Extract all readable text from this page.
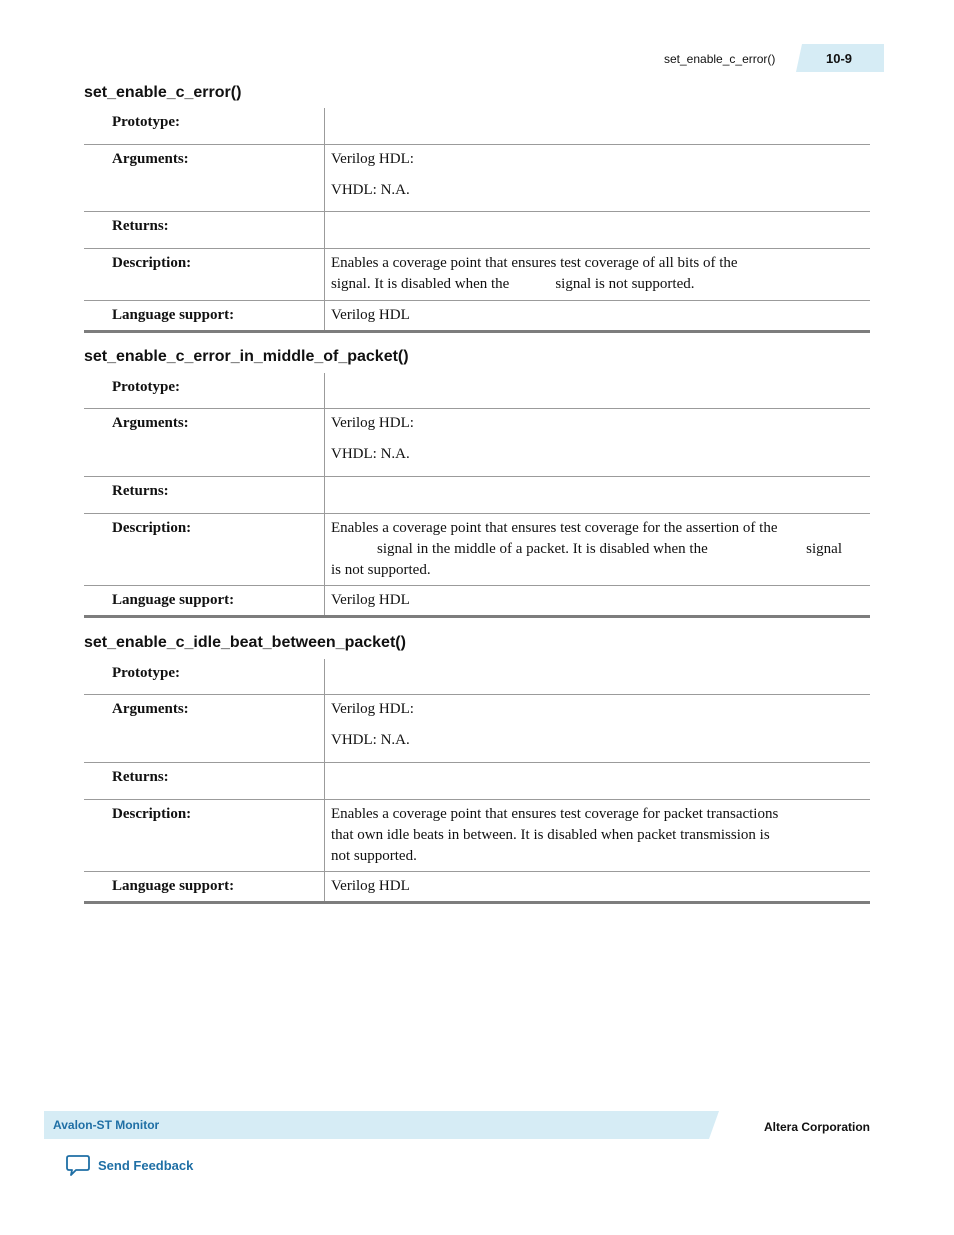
set_enable_c_error()	10-9
set_enable_c_error()
Prototype:
Arguments:	Verilog HDL:

VHDL: N.A.

Returns:
Description:	Enables a coverage point that ensures test coverage of all bits of the
signal. It is disabled when the	signal is not supported.
Language support:	Verilog HDL
set_enable_c_error_in_middle_of_packet()
Prototype:
Arguments:	Verilog HDL:

VHDL: N.A.

Returns:
Description:	Enables a coverage point that ensures test coverage for the assertion of the
signal in the middle of a packet. It is disabled when the	signal
is not supported.
Language support:	Verilog HDL
set_enable_c_idle_beat_between_packet()
Prototype:
Arguments:	Verilog HDL:

VHDL: N.A.

Returns:
Description:	Enables a coverage point that ensures test coverage for packet transactions
that own idle beats in between. It is disabled when packet transmission is
not supported.
Language support:	Verilog HDL
Avalon-ST Monitor	Altera Corporation
Send Feedback
